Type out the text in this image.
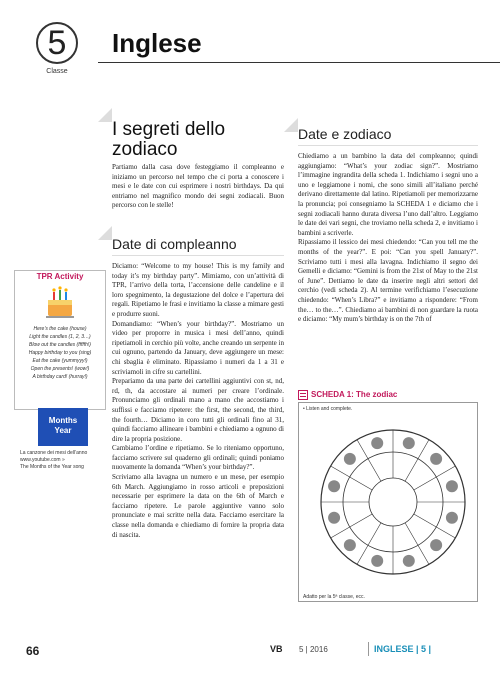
5
Classe
Inglese
TPR Activity
Here’s the cake (house)
Light the candles (1, 2, 3…)
Blow out the candles (fffffh!)
Happy birthday to you (sing)
Eat the cake (yummyyy!)
Open the presents! (wow!)
A birthday card! (hurray!)
Months Year
La canzone dei mesi dell’anno
www.youtube.com »
The Months of the Year song
I segreti dello zodiaco

Partiamo dalla casa dove festeggiamo il compleanno e iniziamo un percorso nel tempo che ci porta a conoscere i mesi e le date con cui esprimere i nostri birthdays. Da qui entriamo nel magnifico mondo dei segni zodiacali. Buon percorso con le stelle!

Date di compleanno

Diciamo: “Welcome to my house! This is my family and today it’s my birthday party”. Mimiamo, con un’attività di TPR, l’arrivo della torta, l’accensione delle candeline e il loro spegnimento, la degustazione del dolce e l’apertura dei regali. Ripetiamo le frasi e invitiamo la classe a mimare gesti e produrre suoni.

Domandiamo: “When’s your birthday?”. Mostriamo un video per proporre in musica i mesi dell’anno, quindi ripetiamoli in cerchio più volte, anche creando un serpente in cui ognuno, partendo da January, deve aggiungere un mese: chi sbaglia è eliminato. Ripassiamo i numeri da 1 a 31 e scriviamoli in cifre su cartellini.

Prepariamo da una parte dei cartellini aggiuntivi con st, nd, rd, th, da accostare ai numeri per creare l’ordinale. Pronunciamo gli ordinali mano a mano che accostiamo i suffissi e facciamo ripetere: the first, the second, the third, the fourth… Diciamo in coro tutti gli ordinali fino al 31, quindi facciamo allineare i bambini e chiediamo a ognuno di dire la propria posizione.

Cambiamo l’ordine e ripetiamo. Se lo riteniamo opportuno, facciamo scrivere sul quaderno gli ordinali; quindi poniamo nuovamente la domanda “When’s your birthday?”.

Scriviamo alla lavagna un numero e un mese, per esempio 6th March. Aggiungiamo in rosso articoli e preposizioni necessarie per esprimere la data on the 6th of March e facciamo ripetere. Le parole aggiuntive vanno solo pronunciate e mai scritte nella data. Facciamo esercitare la classe nella domanda e chiediamo di fornire la propria data di nascita.

Date e zodiaco

Chiediamo a un bambino la data del compleanno; quindi aggiungiamo: “What’s your zodiac sign?”. Mostriamo l’immagine ingrandita della scheda 1. Indichiamo i segni uno a uno e leggiamone i nomi, che sono simili all’italiano perché derivano direttamente dal latino. Ripetiamoli per memorizzarne la pronuncia; poi consegniamo la SCHEDA 1 e diciamo che i segni zodiacali hanno durata diversa l’uno dall’altro. Leggiamo le date dei vari segni, che troviamo nella scheda 2, e invitiamo i bambini a scriverle.

Ripassiamo il lessico dei mesi chiedendo: “Can you tell me the months of the year?”. E poi: “Can you spell January?”. Scriviamo tutti i mesi alla lavagna. Indichiamo il segno dei Gemelli e diciamo: “Gemini is from the 21st of May to the 21st of June”. Dettiamo le date da inserire negli altri settori del cerchio (vedi scheda 2). Al termine verifichiamo l’esecuzione chiedendo: “When’s Libra?” e invitiamo a rispondere: “From the… to the…”. Chiediamo ai bambini di non guardare la ruota e diciamo: “My mum’s birthday is on the 7th of

SCHEDA 1: The zodiac
• Listen and complete.
Adatto per la 5ª classe, ecc.
66	VB 5 | 2016	INGLESE | 5 |
